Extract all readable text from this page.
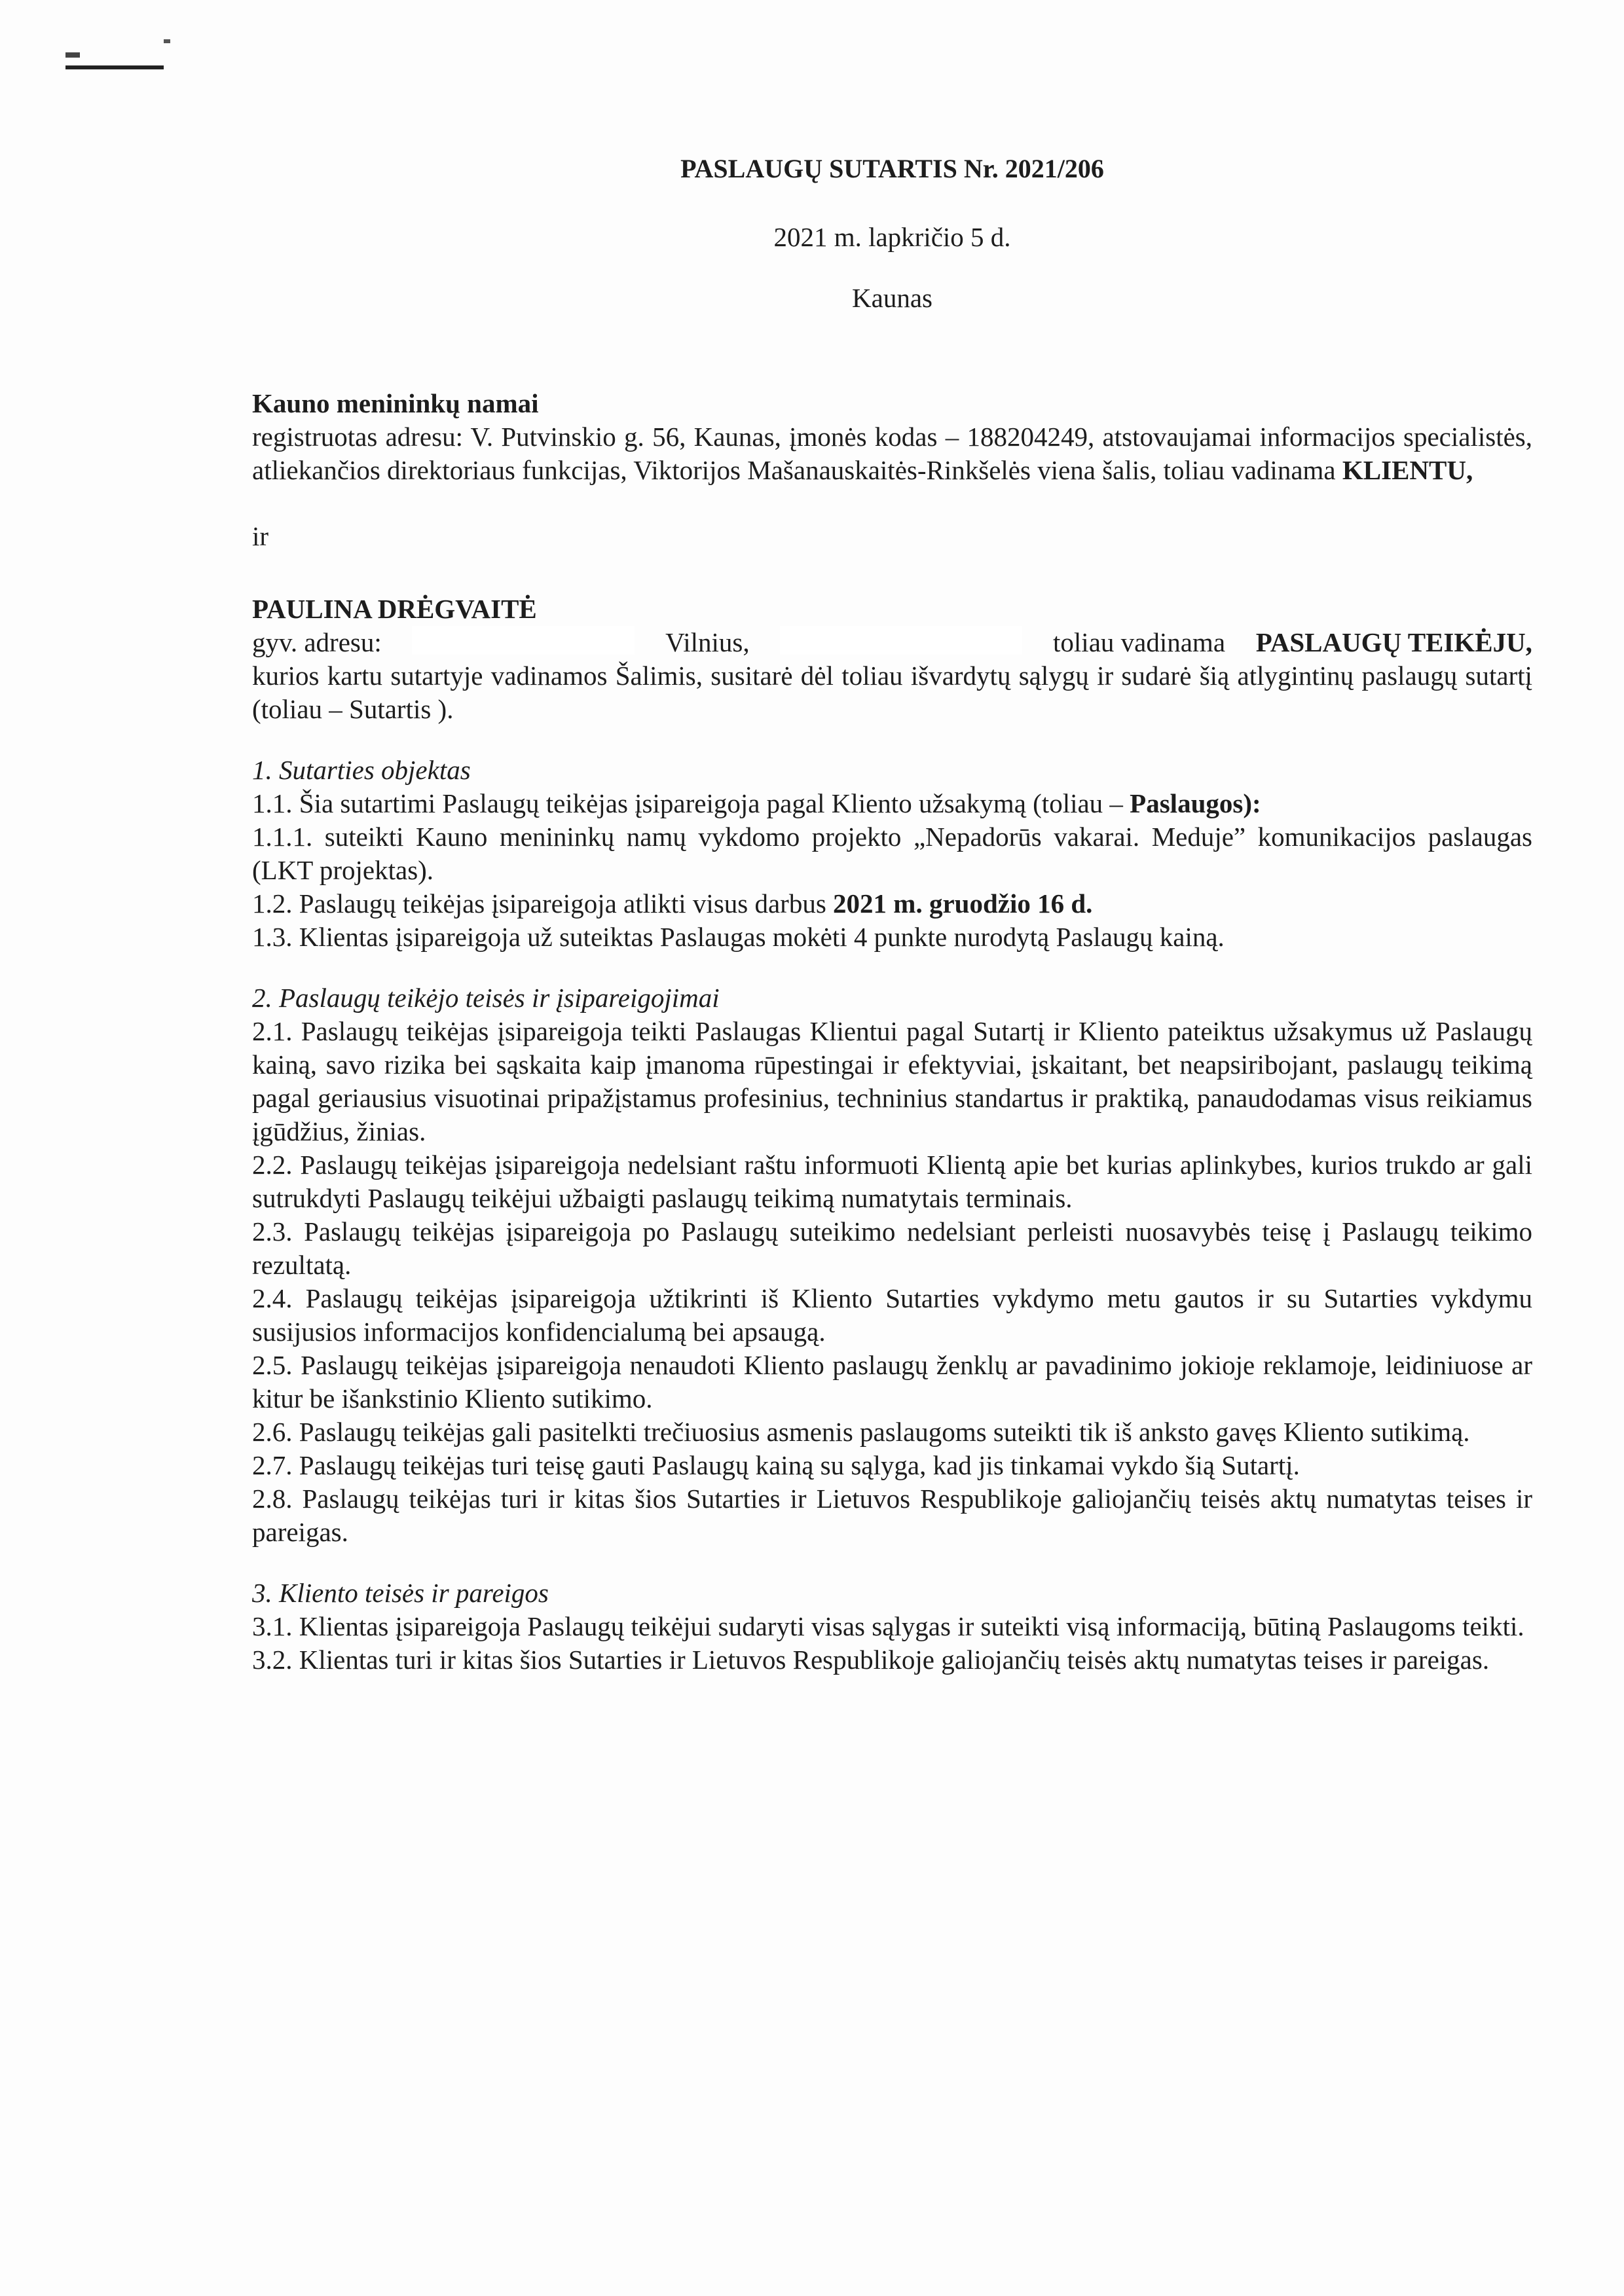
PASLAUGŲ SUTARTIS Nr. 2021/206
2021 m. lapkričio 5 d.
Kaunas

Kauno menininkų namai

registruotas adresu: V. Putvinskio g. 56, Kaunas, įmonės kodas – 188204249, atstovaujamai informacijos specialistės, atliekančios direktoriaus funkcijas, Viktorijos Mašanauskaitės-Rinkšelės viena šalis, toliau vadinama KLIENTU,

ir

PAULINA DRĖGVAITĖ

gyv. adresu:	Vilnius,	toliau vadinama PASLAUGŲ TEIKĖJU,

kurios kartu sutartyje vadinamos Šalimis, susitarė dėl toliau išvardytų sąlygų ir sudarė šią atlygintinų paslaugų sutartį (toliau – Sutartis ).

1. Sutarties objektas

1.1. Šia sutartimi Paslaugų teikėjas įsipareigoja pagal Kliento užsakymą (toliau – Paslaugos):

1.1.1. suteikti Kauno menininkų namų vykdomo projekto „Nepadorūs vakarai. Meduje” komunikacijos paslaugas (LKT projektas).

1.2. Paslaugų teikėjas įsipareigoja atlikti visus darbus 2021 m. gruodžio 16 d.

1.3. Klientas įsipareigoja už suteiktas Paslaugas mokėti 4 punkte nurodytą Paslaugų kainą.

2. Paslaugų teikėjo teisės ir įsipareigojimai

2.1. Paslaugų teikėjas įsipareigoja teikti Paslaugas Klientui pagal Sutartį ir Kliento pateiktus užsakymus už Paslaugų kainą, savo rizika bei sąskaita kaip įmanoma rūpestingai ir efektyviai, įskaitant, bet neapsiribojant, paslaugų teikimą pagal geriausius visuotinai pripažįstamus profesinius, techninius standartus ir praktiką, panaudodamas visus reikiamus įgūdžius, žinias.

2.2. Paslaugų teikėjas įsipareigoja nedelsiant raštu informuoti Klientą apie bet kurias aplinkybes, kurios trukdo ar gali sutrukdyti Paslaugų teikėjui užbaigti paslaugų teikimą numatytais terminais.

2.3. Paslaugų teikėjas įsipareigoja po Paslaugų suteikimo nedelsiant perleisti nuosavybės teisę į Paslaugų teikimo rezultatą.

2.4. Paslaugų teikėjas įsipareigoja užtikrinti iš Kliento Sutarties vykdymo metu gautos ir su Sutarties vykdymu susijusios informacijos konfidencialumą bei apsaugą.

2.5. Paslaugų teikėjas įsipareigoja nenaudoti Kliento paslaugų ženklų ar pavadinimo jokioje reklamoje, leidiniuose ar kitur be išankstinio Kliento sutikimo.

2.6. Paslaugų teikėjas gali pasitelkti trečiuosius asmenis paslaugoms suteikti tik iš anksto gavęs Kliento sutikimą.

2.7. Paslaugų teikėjas turi teisę gauti Paslaugų kainą su sąlyga, kad jis tinkamai vykdo šią Sutartį.

2.8. Paslaugų teikėjas turi ir kitas šios Sutarties ir Lietuvos Respublikoje galiojančių teisės aktų numatytas teises ir pareigas.

3. Kliento teisės ir pareigos

3.1. Klientas įsipareigoja Paslaugų teikėjui sudaryti visas sąlygas ir suteikti visą informaciją, būtiną Paslaugoms teikti.

3.2. Klientas turi ir kitas šios Sutarties ir Lietuvos Respublikoje galiojančių teisės aktų numatytas teises ir pareigas.
